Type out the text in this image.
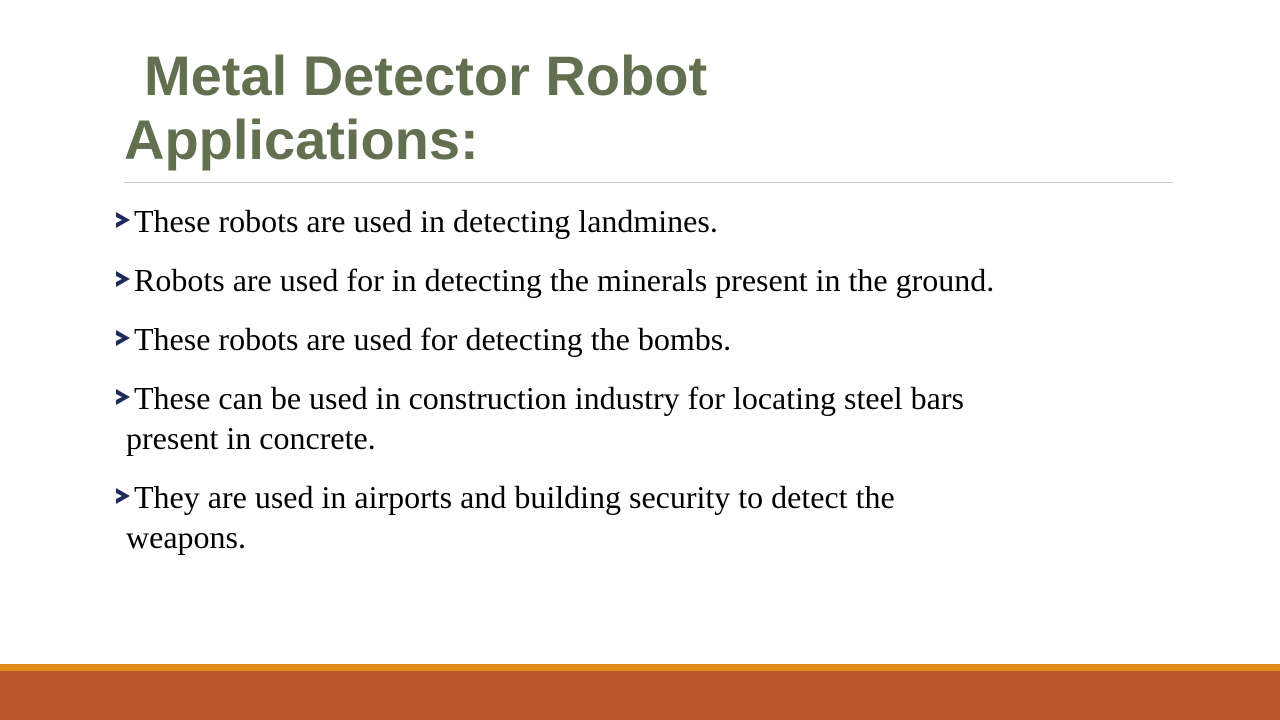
Metal Detector Robot
Applications:
These robots are used in detecting landmines.
Robots are used for in detecting the minerals present in the ground.
These robots are used for detecting the bombs.
These can be used in construction industry for locating steel bars
present in concrete.
They are used in airports and building security to detect the
weapons.
